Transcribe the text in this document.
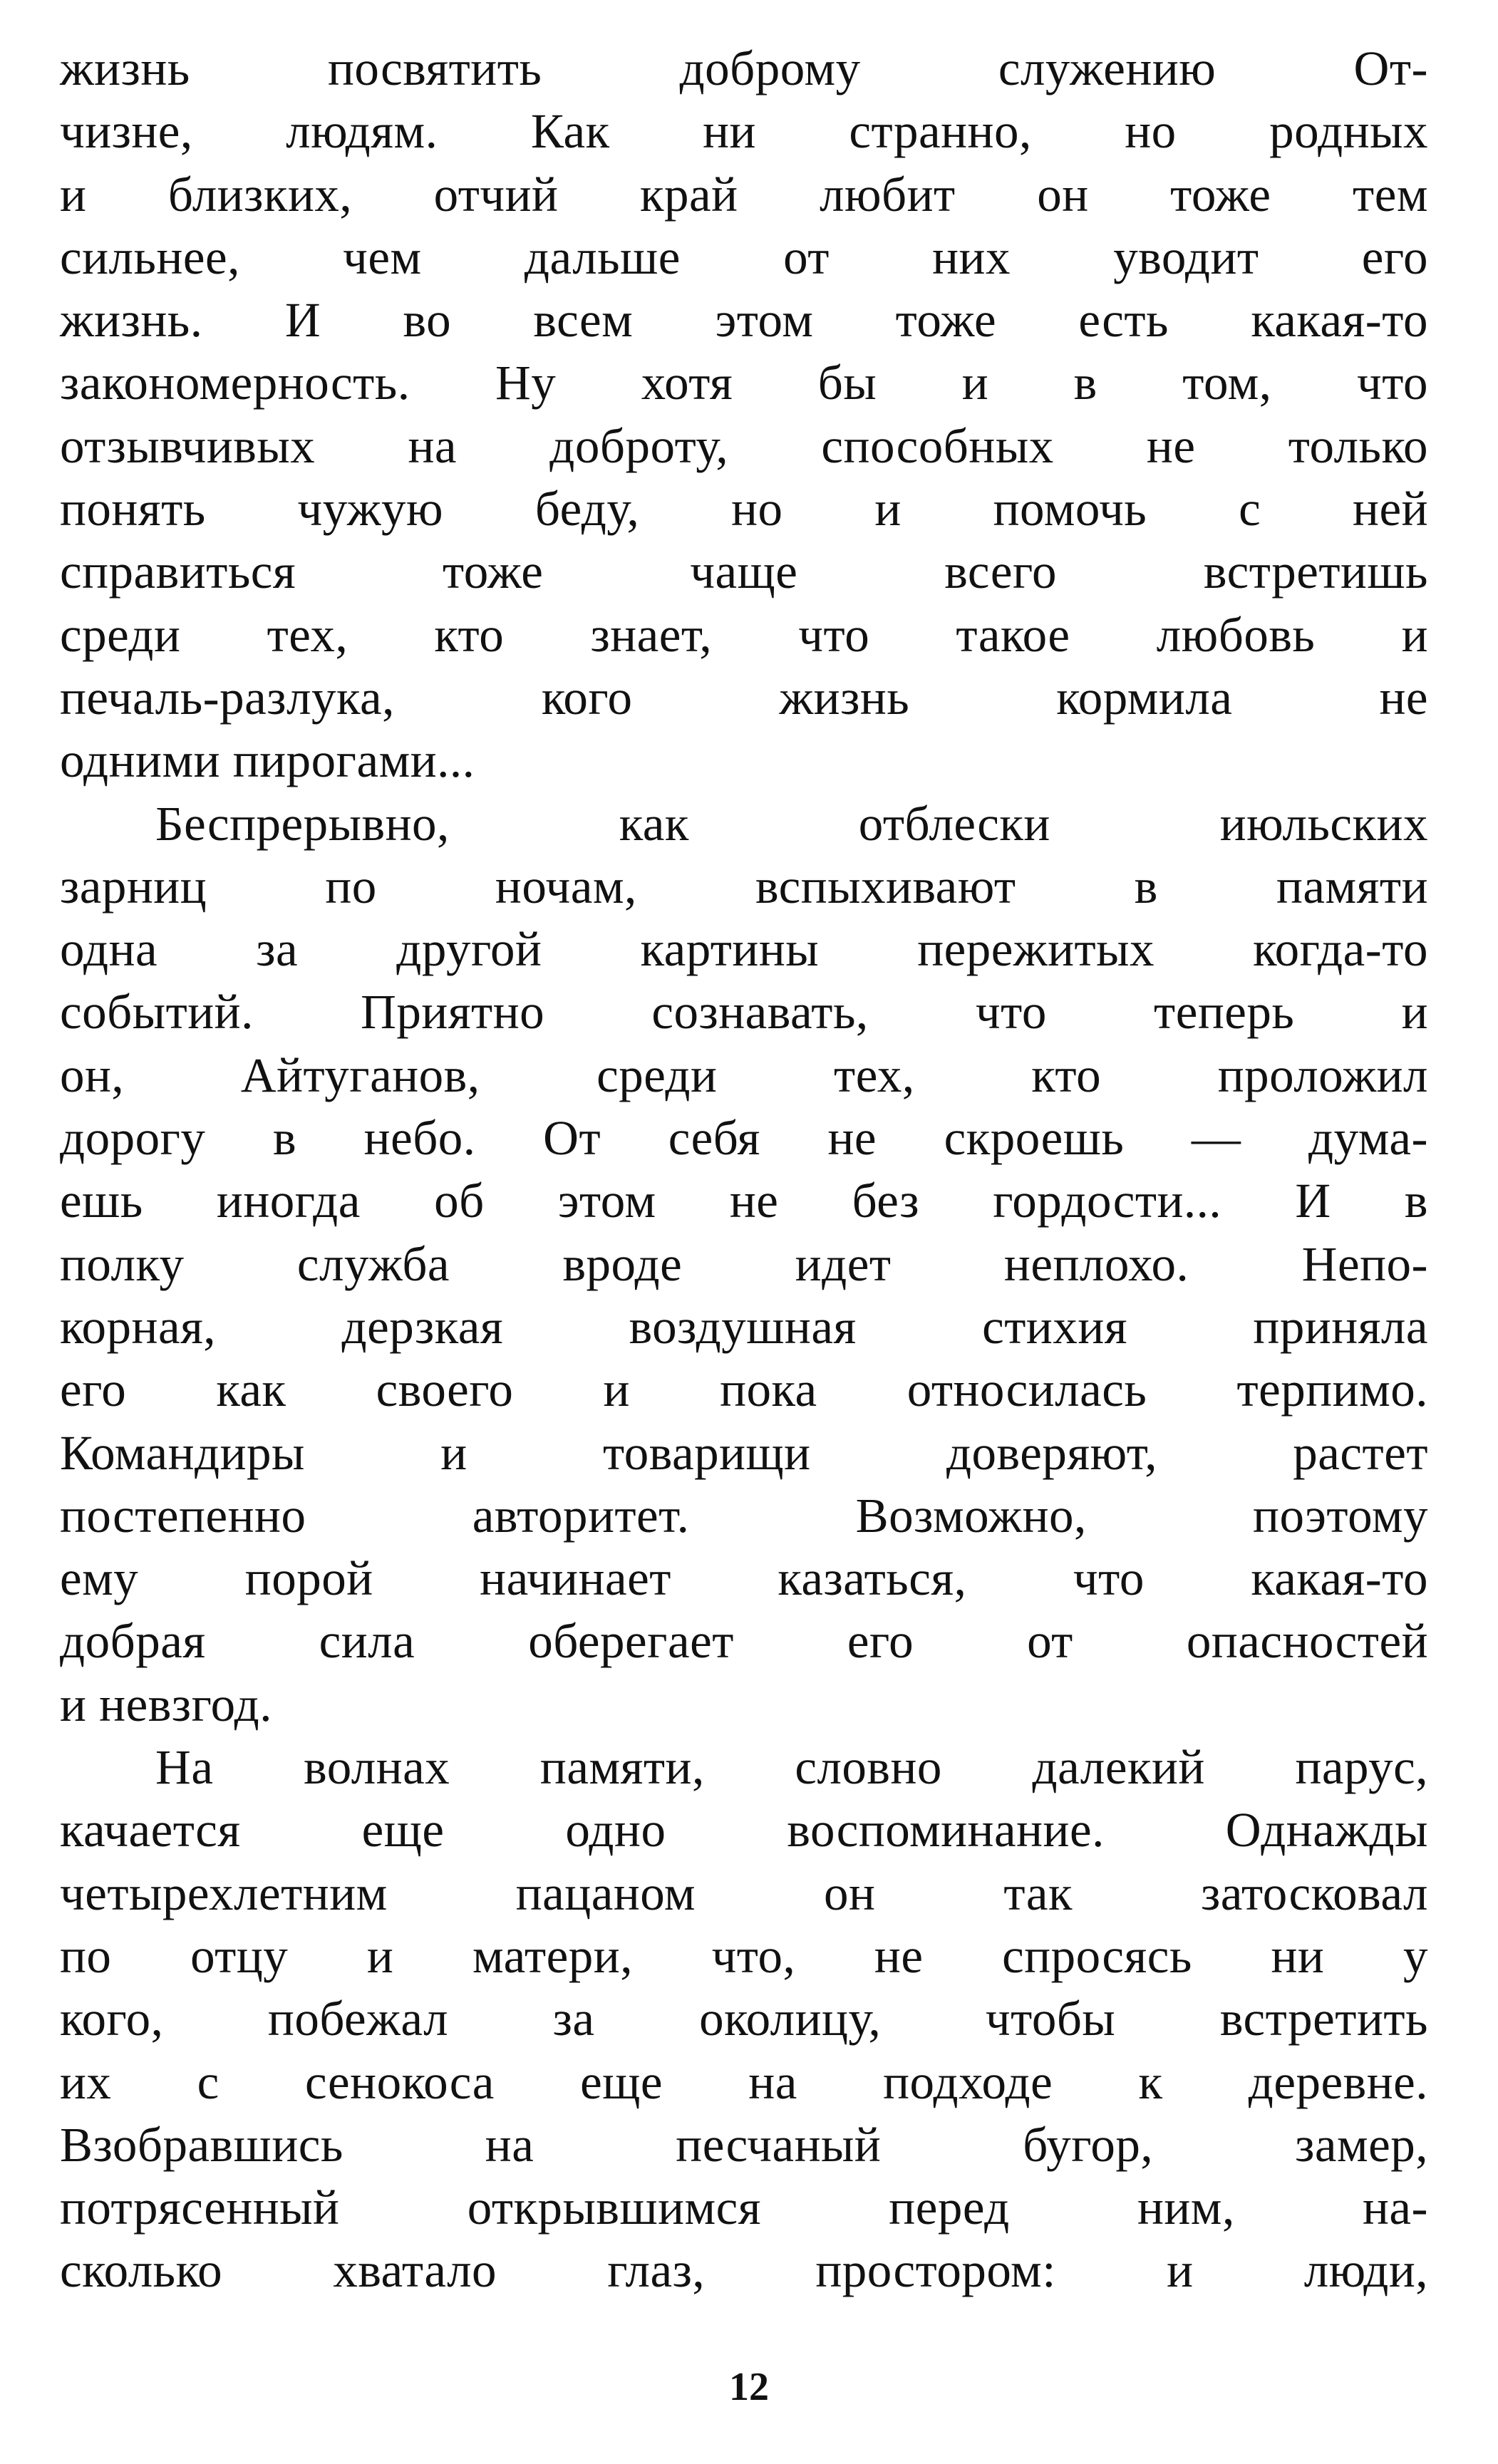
жизнь посвятить доброму служению От-
чизне, людям. Как ни странно, но родных
и близких, отчий край любит он тоже тем
сильнее, чем дальше от них уводит его
жизнь. И во всем этом тоже есть какая-то
закономерность. Ну хотя бы и в том, что
отзывчивых на доброту, способных не только
понять чужую беду, но и помочь с ней
справиться тоже чаще всего встретишь
среди тех, кто знает, что такое любовь и
печаль-разлука, кого жизнь кормила не
одними пирогами...
Беспрерывно, как отблески июльских
зарниц по ночам, вспыхивают в памяти
одна за другой картины пережитых когда-то
событий. Приятно сознавать, что теперь и
он, Айтуганов, среди тех, кто проложил
дорогу в небо. От себя не скроешь — дума-
ешь иногда об этом не без гордости... И в
полку служба вроде идет неплохо. Непо-
корная, дерзкая воздушная стихия приняла
его как своего и пока относилась терпимо.
Командиры и товарищи доверяют, растет
постепенно авторитет. Возможно, поэтому
ему порой начинает казаться, что какая-то
добрая сила оберегает его от опасностей
и невзгод.
На волнах памяти, словно далекий парус,
качается еще одно воспоминание. Однажды
четырехлетним пацаном он так затосковал
по отцу и матери, что, не спросясь ни у
кого, побежал за околицу, чтобы встретить
их с сенокоса еще на подходе к деревне.
Взобравшись на песчаный бугор, замер,
потрясенный открывшимся перед ним, на-
сколько хватало глаз, простором: и люди,
12
